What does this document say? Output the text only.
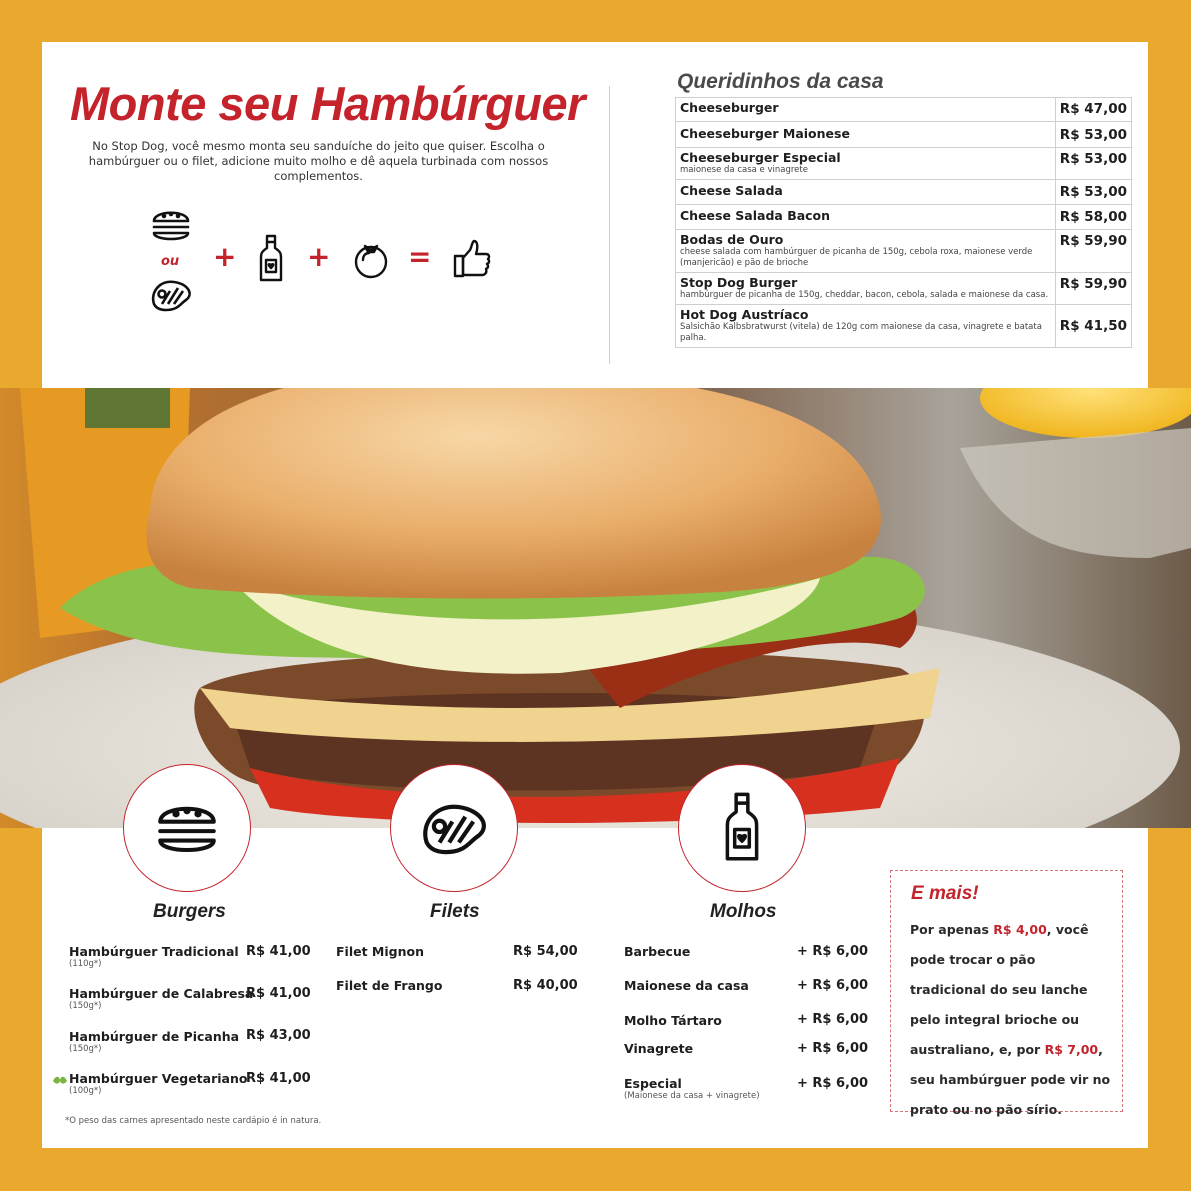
Monte seu Hambúrguer

No Stop Dog, você mesmo monta seu sanduíche do jeito que quiser. Escolha o hambúrguer ou o filet, adicione muito molho e dê aquela turbinada com nossos complementos.

ou +	+	=
Queridinhos da casa
Cheeseburger	R$ 47,00

Cheeseburger Maionese	R$ 53,00

Cheeseburger Especial
maionese da casa e vinagrete	R$ 53,00

Cheese Salada	R$ 53,00

Cheese Salada Bacon	R$ 58,00

Bodas de Ouro
cheese salada com hambúrguer de picanha de 150g, cebola roxa, maionese verde (manjericão) e pão de brioche	R$ 59,90

Stop Dog Burger
hambúrguer de picanha de 150g, cheddar, bacon, cebola, salada e maionese da casa.	R$ 59,90

Hot Dog Austríaco
Salsichão Kalbsbratwurst (vitela) de 120g com maionese da casa, vinagrete e batata palha.	R$ 41,50
Burgers	Filets	Molhos
Hambúrguer Tradicional
(110g*)
R$ 41,00
Hambúrguer de Calabresa
(150g*)
R$ 41,00
Hambúrguer de Picanha
(150g*)
R$ 43,00
Hambúrguer Vegetariano
(100g*)
R$ 41,00
*O peso das carnes apresentado neste cardápio é in natura.
Filet Mignon	R$ 54,00
Filet de Frango	R$ 40,00
Barbecue	+ R$ 6,00
Maionese da casa	+ R$ 6,00
Molho Tártaro	+ R$ 6,00
Vinagrete	+ R$ 6,00
Especial
(Maionese da casa + vinagrete)
+ R$ 6,00
E mais!
Por apenas R$ 4,00, você pode trocar o pão tradicional do seu lanche pelo integral brioche ou australiano, e, por R$ 7,00, seu hambúrguer pode vir no prato ou no pão sírio.
